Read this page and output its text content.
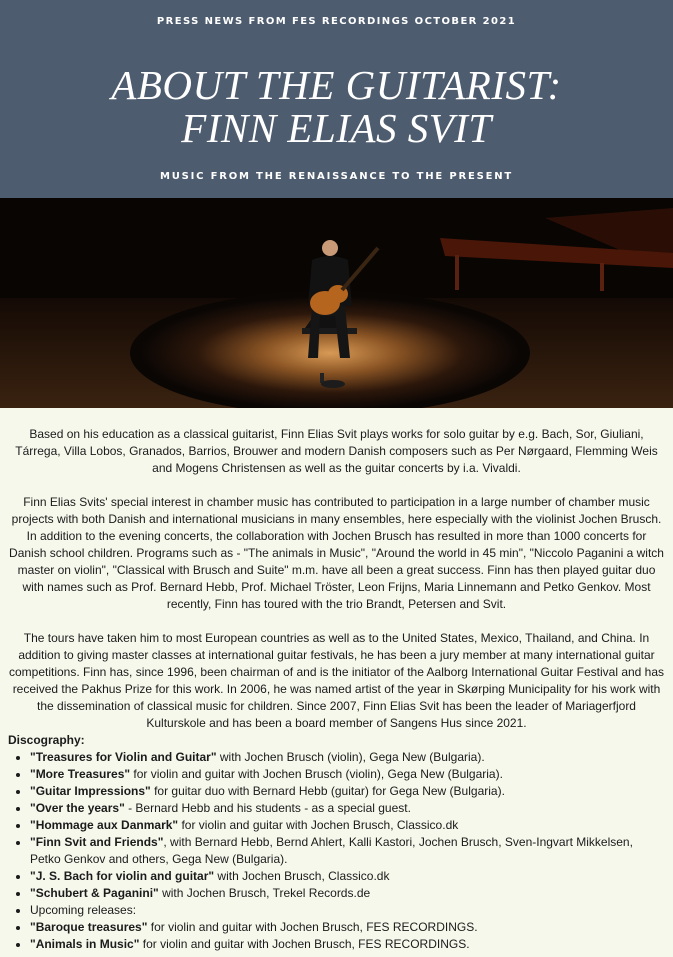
PRESS NEWS FROM FES RECORDINGS OCTOBER 2021
ABOUT THE GUITARIST:
FINN ELIAS SVIT
MUSIC FROM THE RENAISSANCE TO THE PRESENT

Based on his education as a classical guitarist, Finn Elias Svit plays works for solo guitar by e.g. Bach, Sor, Giuliani, Tárrega, Villa Lobos, Granados, Barrios, Brouwer and modern Danish composers such as Per Nørgaard, Flemming Weis and Mogens Christensen as well as the guitar concerts by i.a. Vivaldi.

Finn Elias Svits' special interest in chamber music has contributed to participation in a large number of chamber music projects with both Danish and international musicians in many ensembles, here especially with the violinist Jochen Brusch. In addition to the evening concerts, the collaboration with Jochen Brusch has resulted in more than 1000 concerts for Danish school children. Programs such as - "The animals in Music", "Around the world in 45 min", "Niccolo Paganini a witch master on violin", "Classical with Brusch and Suite" m.m. have all been a great success. Finn has then played guitar duo with names such as Prof. Bernard Hebb, Prof. Michael Tröster, Leon Frijns, Maria Linnemann and Petko Genkov. Most recently, Finn has toured with the trio Brandt, Petersen and Svit.

The tours have taken him to most European countries as well as to the United States, Mexico, Thailand, and China. In addition to giving master classes at international guitar festivals, he has been a jury member at many international guitar competitions. Finn has, since 1996, been chairman of and is the initiator of the Aalborg International Guitar Festival and has received the Pakhus Prize for this work. In 2006, he was named artist of the year in Skørping Municipality for his work with the dissemination of classical music for children. Since 2007, Finn Elias Svit has been the leader of Mariagerfjord Kulturskole and has been a board member of Sangens Hus since 2021.

Discography:
• "Treasures for Violin and Guitar" with Jochen Brusch (violin), Gega New (Bulgaria).
• "More Treasures" for violin and guitar with Jochen Brusch (violin), Gega New (Bulgaria).
• "Guitar Impressions" for guitar duo with Bernard Hebb (guitar) for Gega New (Bulgaria).
• "Over the years" - Bernard Hebb and his students - as a special guest.
• "Hommage aux Danmark" for violin and guitar with Jochen Brusch, Classico.dk
• "Finn Svit and Friends", with Bernard Hebb, Bernd Ahlert, Kalli Kastori, Jochen Brusch, Sven-Ingvart Mikkelsen, Petko Genkov and others, Gega New (Bulgaria).
• "J. S. Bach for violin and guitar" with Jochen Brusch, Classico.dk
• "Schubert & Paganini" with Jochen Brusch, Trekel Records.de
• Upcoming releases:
• "Baroque treasures" for violin and guitar with Jochen Brusch, FES RECORDINGS.
• "Animals in Music" for violin and guitar with Jochen Brusch, FES RECORDINGS.
